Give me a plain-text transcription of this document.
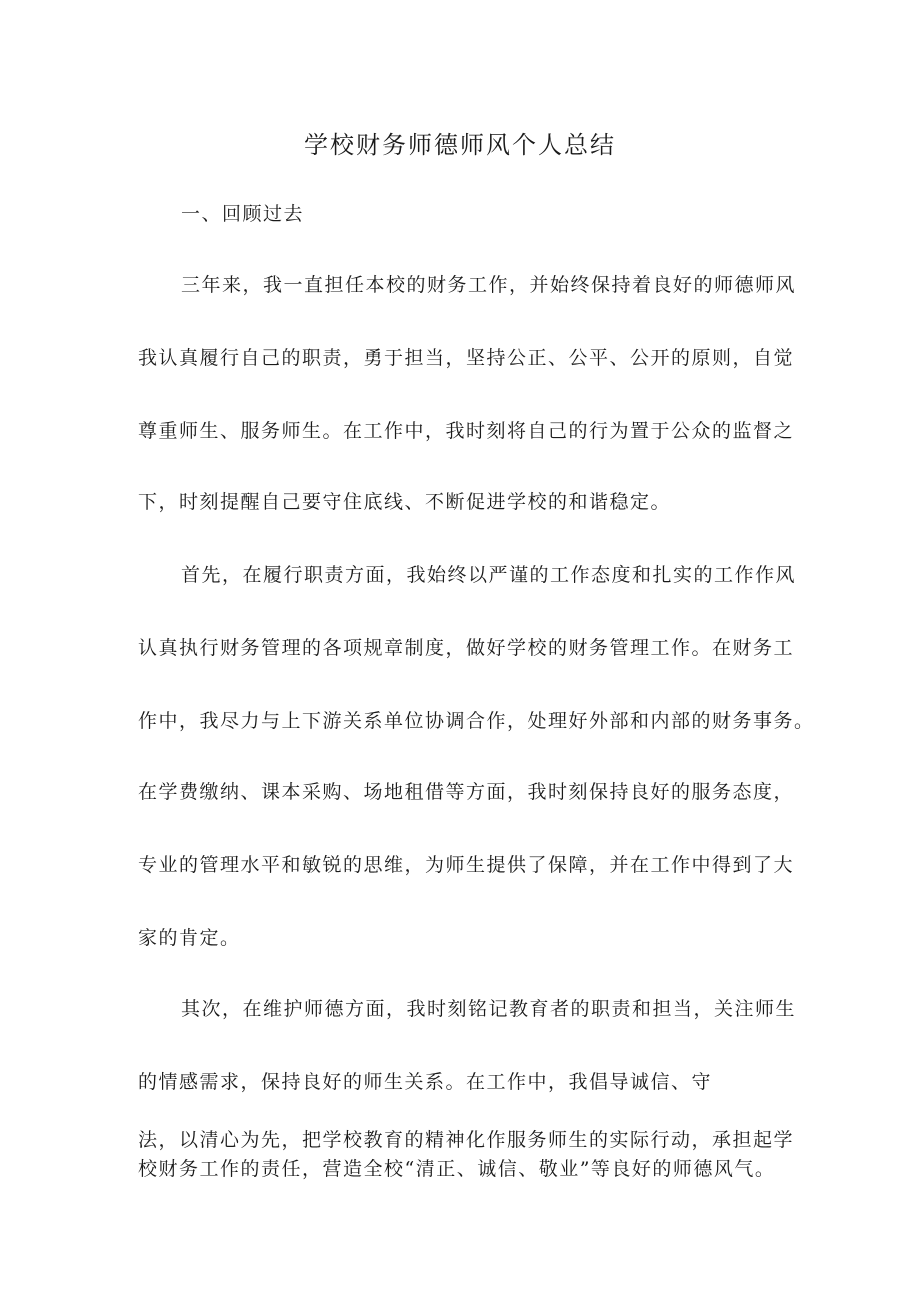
学校财务师德师风个人总结
一、回顾过去
三年来，我一直担任本校的财务工作，并始终保持着良好的师德师风
我认真履行自己的职责，勇于担当，坚持公正、公平、公开的原则，自觉
尊重师生、服务师生。在工作中，我时刻将自己的行为置于公众的监督之
下，时刻提醒自己要守住底线、不断促进学校的和谐稳定。
首先，在履行职责方面，我始终以严谨的工作态度和扎实的工作作风
认真执行财务管理的各项规章制度，做好学校的财务管理工作。在财务工
作中，我尽力与上下游关系单位协调合作，处理好外部和内部的财务事务。
在学费缴纳、课本采购、场地租借等方面，我时刻保持良好的服务态度，
专业的管理水平和敏锐的思维，为师生提供了保障，并在工作中得到了大
家的肯定。
其次，在维护师德方面，我时刻铭记教育者的职责和担当，关注师生
的情感需求，保持良好的师生关系。在工作中，我倡导诚信、守
法，以清心为先，把学校教育的精神化作服务师生的实际行动，承担起学
校财务工作的责任，营造全校“清正、诚信、敬业”等良好的师德风气。
